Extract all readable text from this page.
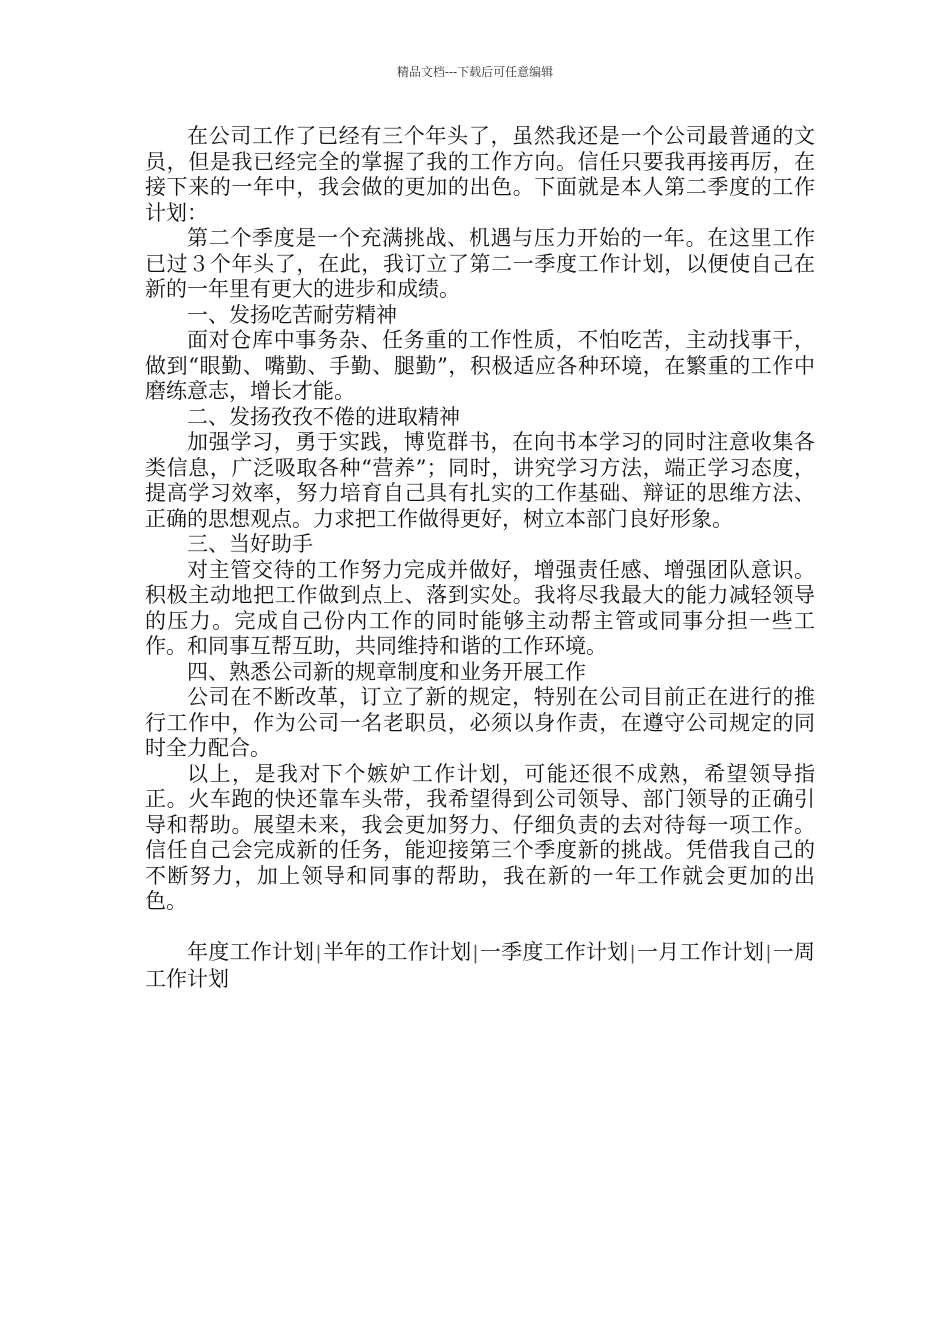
精品文档---下载后可任意编辑

在公司工作了已经有三个年头了，虽然我还是一个公司最普通的文员，但是我已经完全的掌握了我的工作方向。信任只要我再接再厉，在接下来的一年中，我会做的更加的出色。下面就是本人第二季度的工作计划：

第二个季度是一个充满挑战、机遇与压力开始的一年。在这里工作已过３个年头了，在此，我订立了第二一季度工作计划，以便使自己在新的一年里有更大的进步和成绩。

一、发扬吃苦耐劳精神

面对仓库中事务杂、任务重的工作性质，不怕吃苦，主动找事干，做到“眼勤、嘴勤、手勤、腿勤”，积极适应各种环境，在繁重的工作中磨练意志，增长才能。

二、发扬孜孜不倦的进取精神

加强学习，勇于实践，博览群书，在向书本学习的同时注意收集各类信息，广泛吸取各种“营养”；同时，讲究学习方法，端正学习态度，提高学习效率，努力培育自己具有扎实的工作基础、辩证的思维方法、正确的思想观点。力求把工作做得更好，树立本部门良好形象。

三、当好助手

对主管交待的工作努力完成并做好，增强责任感、增强团队意识。积极主动地把工作做到点上、落到实处。我将尽我最大的能力减轻领导的压力。完成自己份内工作的同时能够主动帮主管或同事分担一些工作。和同事互帮互助，共同维持和谐的工作环境。

四、熟悉公司新的规章制度和业务开展工作

公司在不断改革，订立了新的规定，特别在公司目前正在进行的推行工作中，作为公司一名老职员，必须以身作责，在遵守公司规定的同时全力配合。

以上，是我对下个嫉妒工作计划，可能还很不成熟，希望领导指正。火车跑的快还靠车头带，我希望得到公司领导、部门领导的正确引导和帮助。展望未来，我会更加努力、仔细负责的去对待每一项工作。信任自己会完成新的任务，能迎接第三个季度新的挑战。凭借我自己的不断努力，加上领导和同事的帮助，我在新的一年工作就会更加的出色。

年度工作计划|半年的工作计划|一季度工作计划|一月工作计划|一周工作计划
